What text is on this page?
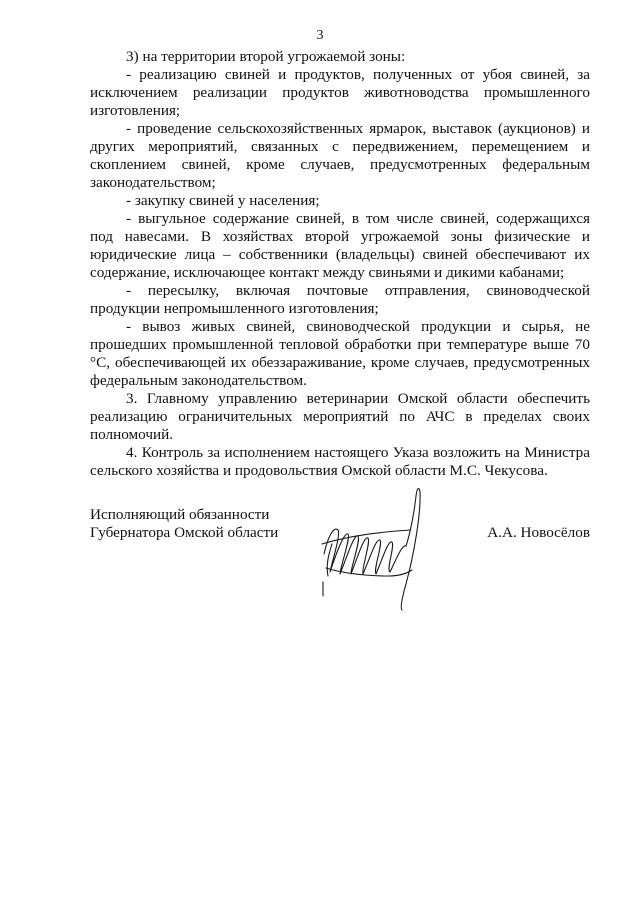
3

3) на территории второй угрожаемой зоны:

- реализацию свиней и продуктов, полученных от убоя свиней, за исключением реализации продуктов животноводства промышленного изготовления;

- проведение сельскохозяйственных ярмарок, выставок (аукционов) и других мероприятий, связанных с передвижением, перемещением и скоплением свиней, кроме случаев, предусмотренных федеральным законодательством;

- закупку свиней у населения;

- выгульное содержание свиней, в том числе свиней, содержащихся под навесами. В хозяйствах второй угрожаемой зоны физические и юридические лица – собственники (владельцы) свиней обеспечивают их содержание, исключающее контакт между свиньями и дикими кабанами;

- пересылку, включая почтовые отправления, свиноводческой продукции непромышленного изготовления;

- вывоз живых свиней, свиноводческой продукции и сырья, не прошедших промышленной тепловой обработки при температуре выше 70 °С, обеспечивающей их обеззараживание, кроме случаев, предусмотренных федеральным законодательством.

3. Главному управлению ветеринарии Омской области обеспечить реализацию ограничительных мероприятий по АЧС в пределах своих полномочий.

4. Контроль за исполнением настоящего Указа возложить на Министра сельского хозяйства и продовольствия Омской области М.С. Чекусова.

Исполняющий обязанности
Губернатора Омской области	А.А. Новосёлов
